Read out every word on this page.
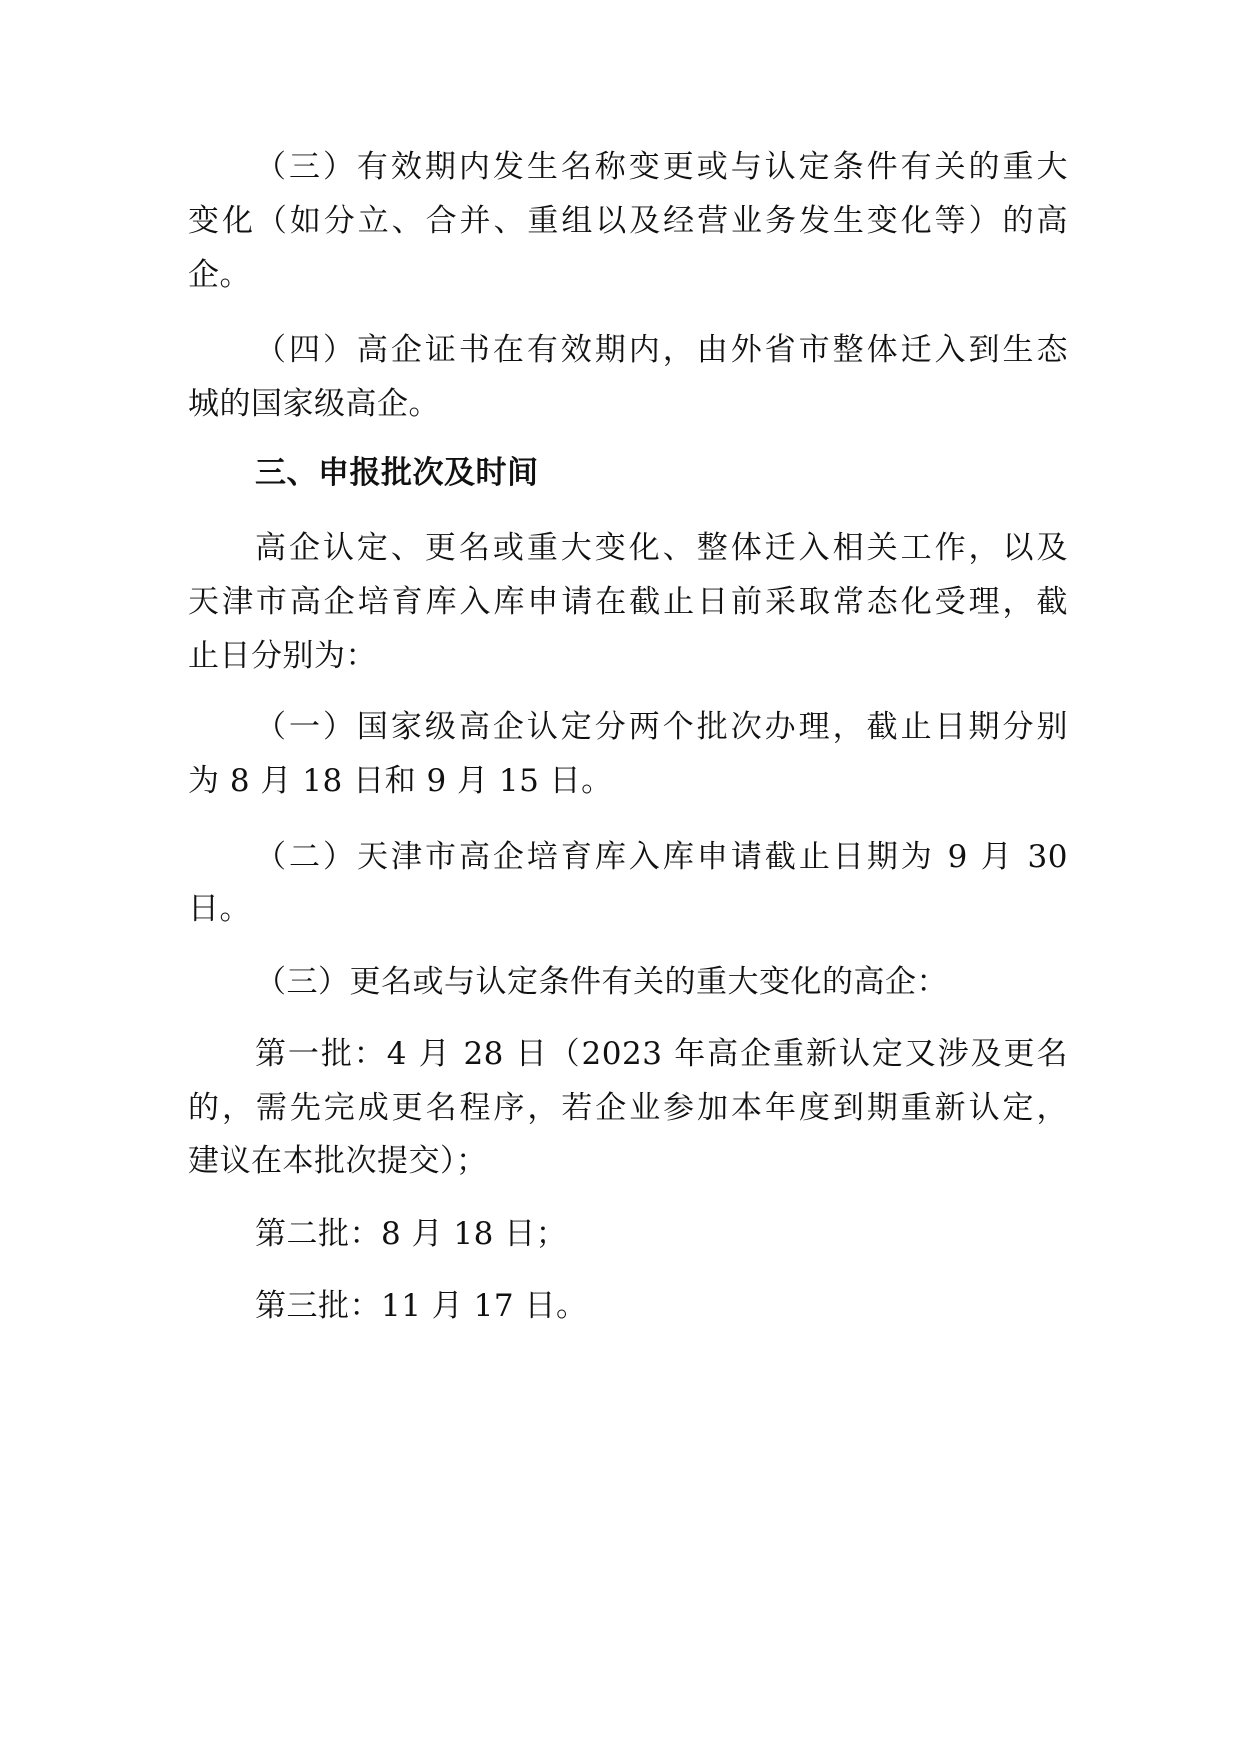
（三）有效期内发生名称变更或与认定条件有关的重大
变化（如分立、合并、重组以及经营业务发生变化等）的高
企。
（四）高企证书在有效期内，由外省市整体迁入到生态
城的国家级高企。
三、申报批次及时间
高企认定、更名或重大变化、整体迁入相关工作，以及
天津市高企培育库入库申请在截止日前采取常态化受理，截
止日分别为：
（一）国家级高企认定分两个批次办理，截止日期分别
为 8 月 18 日和 9 月 15 日。
（二）天津市高企培育库入库申请截止日期为 9 月 30
日。
（三）更名或与认定条件有关的重大变化的高企：
第一批：4 月 28 日（2023 年高企重新认定又涉及更名
的，需先完成更名程序，若企业参加本年度到期重新认定，
建议在本批次提交）；
第二批：8 月 18 日；
第三批：11 月 17 日。
